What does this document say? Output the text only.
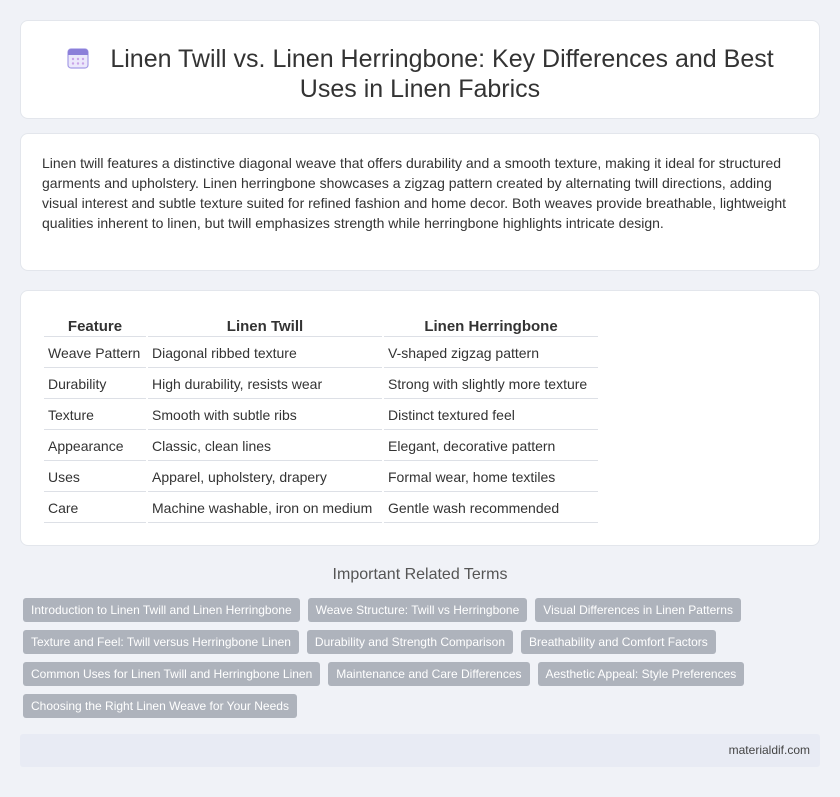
Linen Twill vs. Linen Herringbone: Key Differences and Best Uses in Linen Fabrics

Linen twill features a distinctive diagonal weave that offers durability and a smooth texture, making it ideal for structured garments and upholstery. Linen herringbone showcases a zigzag pattern created by alternating twill directions, adding visual interest and subtle texture suited for refined fashion and home decor. Both weaves provide breathable, lightweight qualities inherent to linen, but twill emphasizes strength while herringbone highlights intricate design.

Feature	Linen Twill	Linen Herringbone
Weave Pattern	Diagonal ribbed texture	V-shaped zigzag pattern
Durability	High durability, resists wear	Strong with slightly more texture
Texture	Smooth with subtle ribs	Distinct textured feel
Appearance	Classic, clean lines	Elegant, decorative pattern
Uses	Apparel, upholstery, drapery	Formal wear, home textiles
Care	Machine washable, iron on medium	Gentle wash recommended
Important Related Terms
Introduction to Linen Twill and Linen Herringbone	Weave Structure: Twill vs Herringbone	Visual Differences in Linen Patterns
Texture and Feel: Twill versus Herringbone Linen	Durability and Strength Comparison	Breathability and Comfort Factors
Common Uses for Linen Twill and Herringbone Linen	Maintenance and Care Differences	Aesthetic Appeal: Style Preferences
Choosing the Right Linen Weave for Your Needs
materialdif.com
